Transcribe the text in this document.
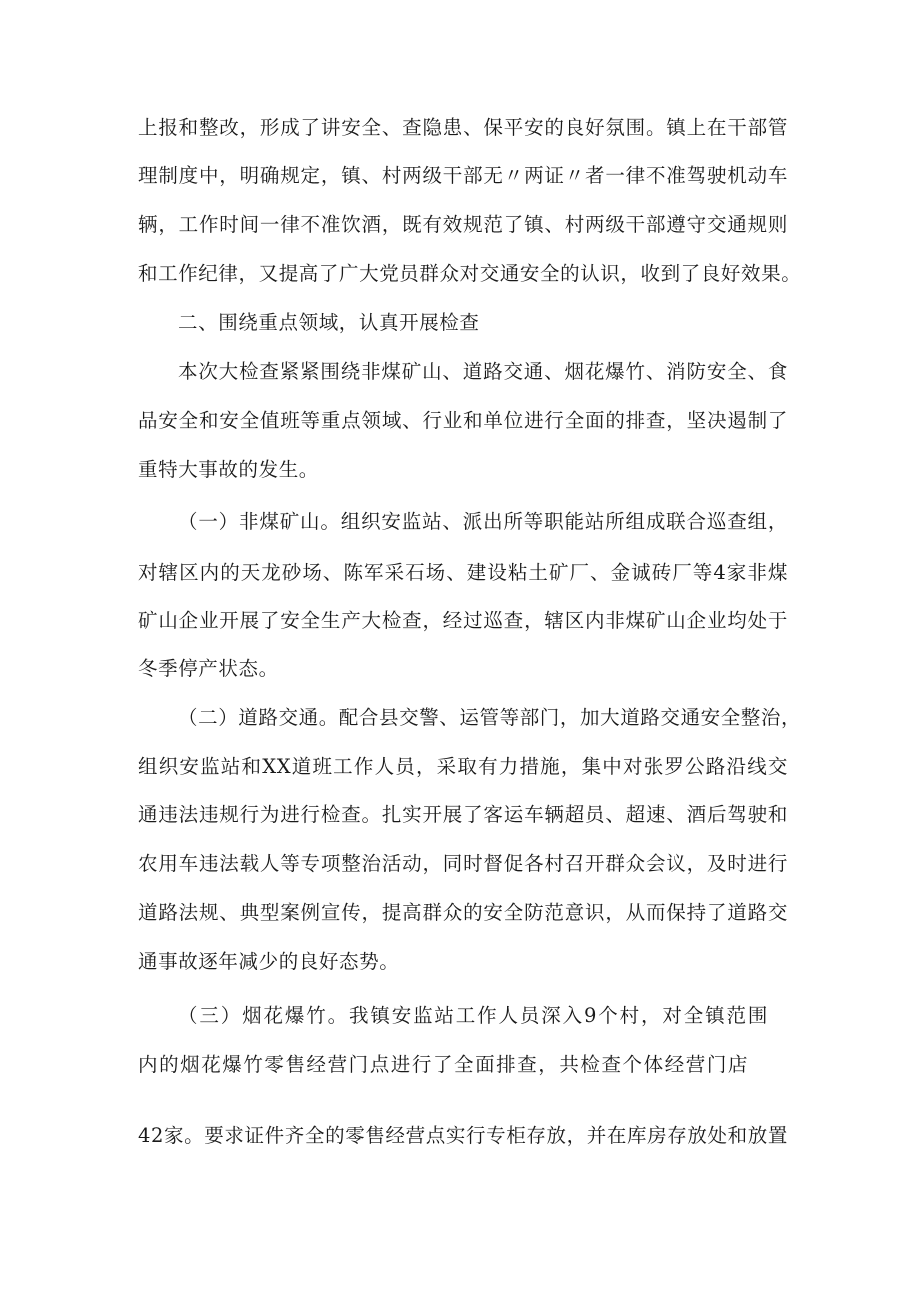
上报和整改，形成了讲安全、查隐患、保平安的良好氛围。镇上在干部管
理制度中，明确规定，镇、村两级干部无〃两证〃者一律不准驾驶机动车
辆，工作时间一律不准饮酒，既有效规范了镇、村两级干部遵守交通规则
和工作纪律，又提高了广大党员群众对交通安全的认识，收到了良好效果。
二、围绕重点领域，认真开展检查
本次大检查紧紧围绕非煤矿山、道路交通、烟花爆竹、消防安全、食
品安全和安全值班等重点领域、行业和单位进行全面的排查，坚决遏制了
重特大事故的发生。
（一）非煤矿山。组织安监站、派出所等职能站所组成联合巡查组，
对辖区内的天龙砂场、陈军采石场、建设粘土矿厂、金诚砖厂等4家非煤
矿山企业开展了安全生产大检查，经过巡查，辖区内非煤矿山企业均处于
冬季停产状态。
（二）道路交通。配合县交警、运管等部门，加大道路交通安全整治，
组织安监站和XX道班工作人员，采取有力措施，集中对张罗公路沿线交
通违法违规行为进行检查。扎实开展了客运车辆超员、超速、酒后驾驶和
农用车违法载人等专项整治活动，同时督促各村召开群众会议，及时进行
道路法规、典型案例宣传，提高群众的安全防范意识，从而保持了道路交
通事故逐年减少的良好态势。
（三）烟花爆竹。我镇安监站工作人员深入9个村，对全镇范围
内的烟花爆竹零售经营门点进行了全面排查，共检查个体经营门店
42家。要求证件齐全的零售经营点实行专柜存放，并在库房存放处和放置
